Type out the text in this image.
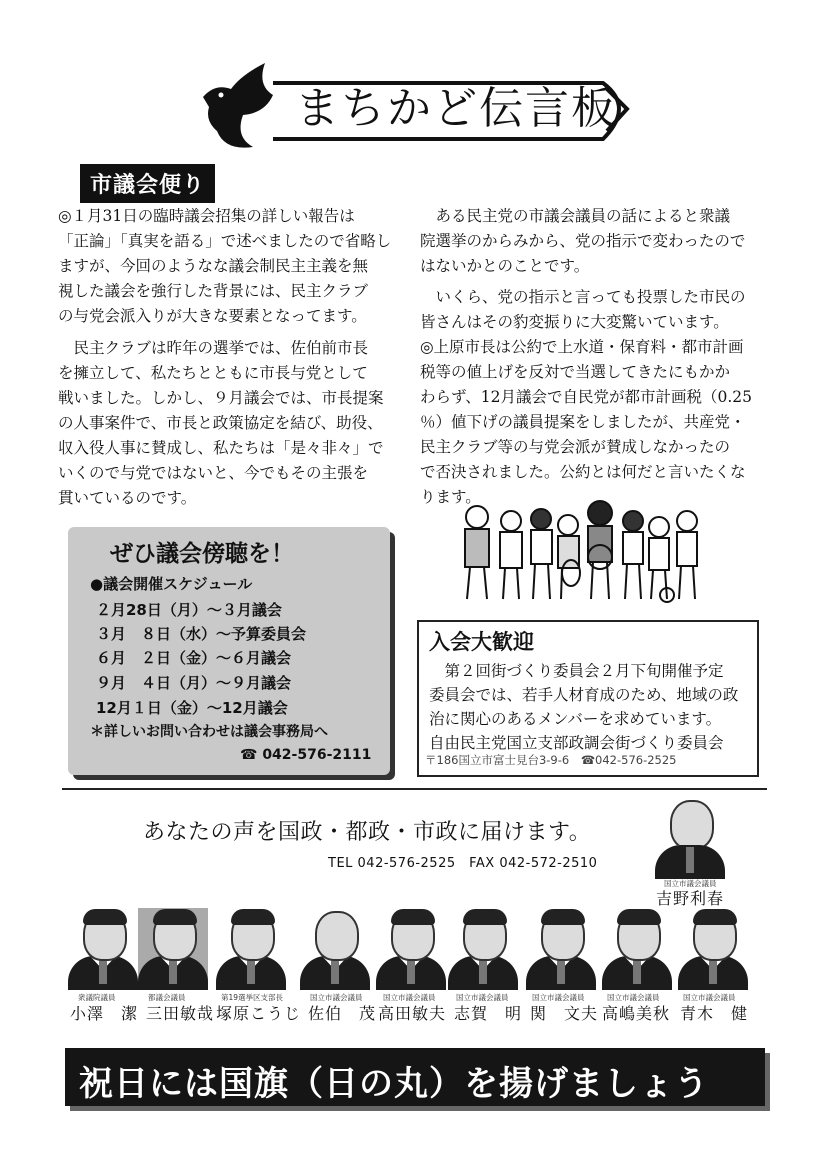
まちかど伝言板
市議会便り

◎１月31日の臨時議会招集の詳しい報告は
「正論」「真実を語る」で述べましたので省略し
ますが、今回のようなな議会制民主主義を無
視した議会を強行した背景には、民主クラブ
の与党会派入りが大きな要素となってます。

　民主クラブは昨年の選挙では、佐伯前市長
を擁立して、私たちとともに市長与党として
戦いました。しかし、９月議会では、市長提案
の人事案件で、市長と政策協定を結び、助役、
収入役人事に賛成し、私たちは「是々非々」で
いくので与党ではないと、今でもその主張を
貫いているのです。

　ある民主党の市議会議員の話によると衆議
院選挙のからみから、党の指示で変わったので
はないかとのことです。

　いくら、党の指示と言っても投票した市民の
皆さんはその豹変振りに大変驚いています。

◎上原市長は公約で上水道・保育料・都市計画
税等の値上げを反対で当選してきたにもかか
わらず、12月議会で自民党が都市計画税（0.25
％）値下げの議員提案をしましたが、共産党・
民主クラブ等の与党会派が賛成しなかったの
で否決されました。公約とは何だと言いたくな
ります。

ぜひ議会傍聴を！
●議会開催スケジュール
２月28日（月）～３月議会
３月　８日（水）～予算委員会
６月　２日（金）～６月議会
９月　４日（月）～９月議会
12月１日（金）～12月議会
＊詳しいお問い合わせは議会事務局へ
☎ 042-576-2111
入会大歓迎
　第２回街づくり委員会２月下旬開催予定
委員会では、若手人材育成のため、地域の政
治に関心のあるメンバーを求めています。
自由民主党国立支部政調会街づくり委員会
〒186国立市富士見台3-9-6　☎042-576-2525
あなたの声を国政・都政・市政に届けます。
TEL 042-576-2525　FAX 042-572-2510
国立市議会議員
吉野利春
衆議院議員	都議会議員	第19選挙区支部長	国立市議会議員	国立市議会議員	国立市議会議員	国立市議会議員	国立市議会議員	国立市議会議員
小澤　潔 三田敏哉 塚原こうじ 佐伯　茂 高田敏夫 志賀　明 関　文夫 高嶋美秋 青木　健
祝日には国旗（日の丸）を揚げましょう
